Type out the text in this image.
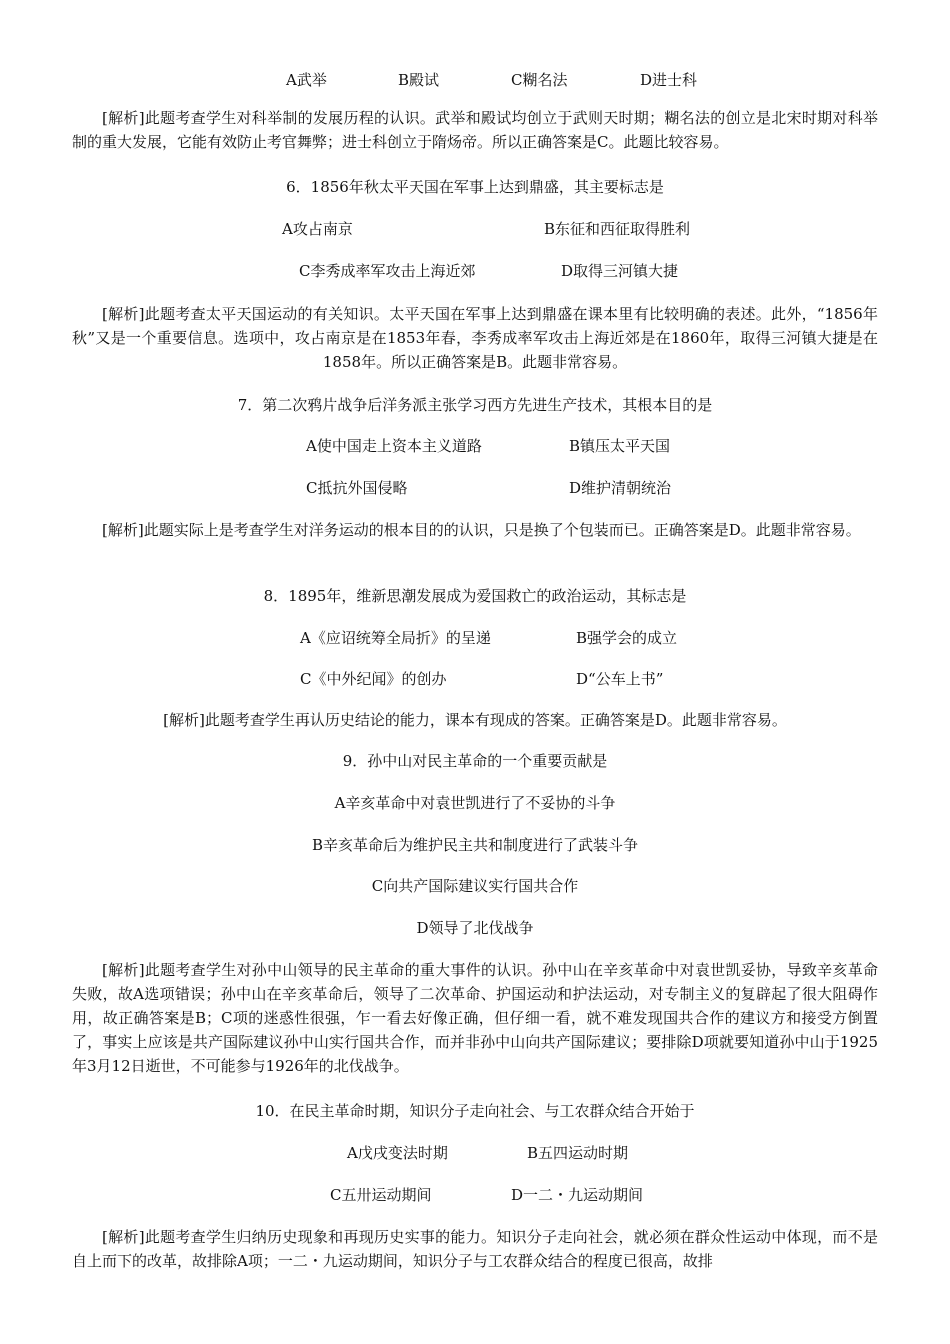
A武举	B殿试	C糊名法	D进士科
[解析]此题考查学生对科举制的发展历程的认识。武举和殿试均创立于武则天时期；糊名法的创立是北宋时期对科举制的重大发展，它能有效防止考官舞弊；进士科创立于隋炀帝。所以正确答案是C。此题比较容易。
6．1856年秋太平天国在军事上达到鼎盛，其主要标志是
A攻占南京	B东征和西征取得胜利
C李秀成率军攻击上海近郊	D取得三河镇大捷
[解析]此题考查太平天国运动的有关知识。太平天国在军事上达到鼎盛在课本里有比较明确的表述。此外，“1856年秋”又是一个重要信息。选项中，攻占南京是在1853年春，李秀成率军攻击上海近郊是在1860年，取得三河镇大捷是在1858年。所以正确答案是B。此题非常容易。
7．第二次鸦片战争后洋务派主张学习西方先进生产技术，其根本目的是
A使中国走上资本主义道路	B镇压太平天国
C抵抗外国侵略	D维护清朝统治
[解析]此题实际上是考查学生对洋务运动的根本目的的认识，只是换了个包装而已。正确答案是D。此题非常容易。
8．1895年，维新思潮发展成为爱国救亡的政治运动，其标志是
A《应诏统筹全局折》的呈递	B强学会的成立
C《中外纪闻》的创办	D“公车上书”
[解析]此题考查学生再认历史结论的能力，课本有现成的答案。正确答案是D。此题非常容易。
9．孙中山对民主革命的一个重要贡献是
A辛亥革命中对袁世凯进行了不妥协的斗争
B辛亥革命后为维护民主共和制度进行了武装斗争
C向共产国际建议实行国共合作
D领导了北伐战争
[解析]此题考查学生对孙中山领导的民主革命的重大事件的认识。孙中山在辛亥革命中对袁世凯妥协，导致辛亥革命失败，故A选项错误；孙中山在辛亥革命后，领导了二次革命、护国运动和护法运动，对专制主义的复辟起了很大阻碍作用，故正确答案是B；C项的迷惑性很强，乍一看去好像正确，但仔细一看，就不难发现国共合作的建议方和接受方倒置了，事实上应该是共产国际建议孙中山实行国共合作，而并非孙中山向共产国际建议；要排除D项就要知道孙中山于1925年3月12日逝世，不可能参与1926年的北伐战争。
10．在民主革命时期，知识分子走向社会、与工农群众结合开始于
A戊戌变法时期	B五四运动时期
C五卅运动期间	D一二・九运动期间
[解析]此题考查学生归纳历史现象和再现历史实事的能力。知识分子走向社会，就必须在群众性运动中体现，而不是自上而下的改革，故排除A项；一二・九运动期间，知识分子与工农群众结合的程度已很高，故排
